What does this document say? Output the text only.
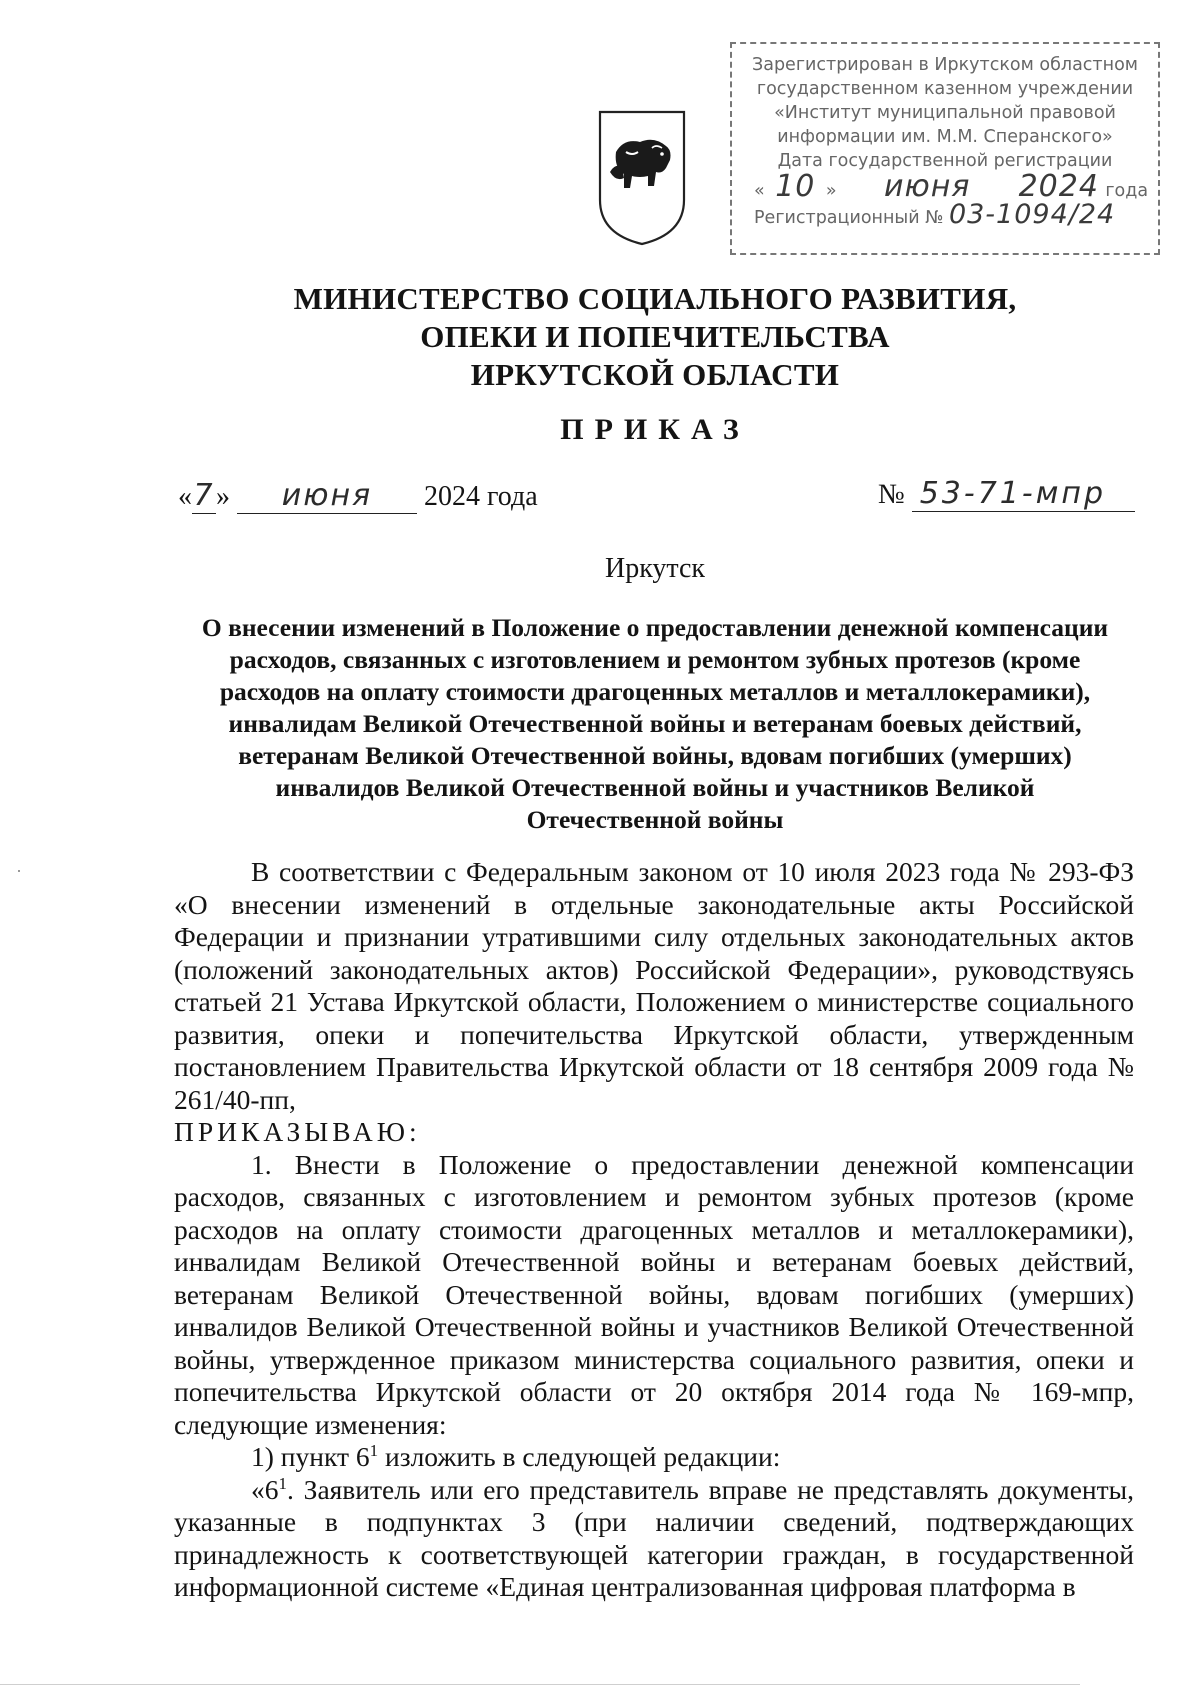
Зарегистрирован в Иркутском областном
государственном казенном учреждении
«Институт муниципальной правовой
информации им. М.М. Сперанского»
Дата государственной регистрации
« 10 » июня 2024 года
Регистрационный № 03-1094/24
МИНИСТЕРСТВО СОЦИАЛЬНОГО РАЗВИТИЯ,
ОПЕКИ И ПОПЕЧИТЕЛЬСТВА
ИРКУТСКОЙ ОБЛАСТИ
ПРИКАЗ
«7» июня 2024 года	№ 53-71-мпр
Иркутск
О внесении изменений в Положение о предоставлении денежной компенсации
расходов, связанных с изготовлением и ремонтом зубных протезов (кроме
расходов на оплату стоимости драгоценных металлов и металлокерамики),
инвалидам Великой Отечественной войны и ветеранам боевых действий,
ветеранам Великой Отечественной войны, вдовам погибших (умерших)
инвалидов Великой Отечественной войны и участников Великой
Отечественной войны

В соответствии с Федеральным законом от 10 июля 2023 года № 293-ФЗ «О внесении изменений в отдельные законодательные акты Российской Федерации и признании утратившими силу отдельных законодательных актов (положений законодательных актов) Российской Федерации», руководствуясь статьей 21 Устава Иркутской области, Положением о министерстве социального развития, опеки и попечительства Иркутской области, утвержденным постановлением Правительства Иркутской области от 18 сентября 2009 года № 261/40-пп,

ПРИКАЗЫВАЮ:

1. Внести в Положение о предоставлении денежной компенсации расходов, связанных с изготовлением и ремонтом зубных протезов (кроме расходов на оплату стоимости драгоценных металлов и металлокерамики), инвалидам Великой Отечественной войны и ветеранам боевых действий, ветеранам Великой Отечественной войны, вдовам погибших (умерших) инвалидов Великой Отечественной войны и участников Великой Отечественной войны, утвержденное приказом министерства социального развития, опеки и попечительства Иркутской области от 20 октября 2014 года № 169-мпр, следующие изменения:

1) пункт $6^1$ изложить в следующей редакции:

«$6^1$. Заявитель или его представитель вправе не представлять документы, указанные в подпунктах 3 (при наличии сведений, подтверждающих принадлежность к соответствующей категории граждан, в государственной информационной системе «Единая централизованная цифровая платформа в
